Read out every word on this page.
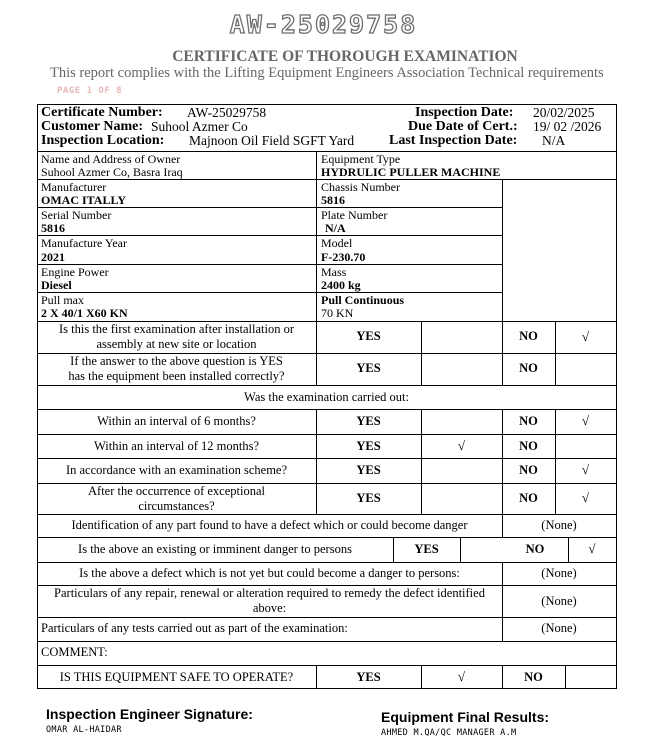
AW-25029758
CERTIFICATE OF THOROUGH EXAMINATION
This report complies with the Lifting Equipment Engineers Association Technical requirements
PAGE 1 OF 8
Certificate Number: AW-25029758
Customer Name: Suhool Azmer Co
Inspection Location: Majnoon Oil Field SGFT Yard
Inspection Date: 20/02/2025
Due Date of Cert.: 19/ 02 /2026
Last Inspection Date: N/A
Name and Address of Owner
Suhool Azmer Co, Basra Iraq
Equipment Type
HYDRULIC PULLER MACHINE
Manufacturer
OMAC ITALLY
Chassis Number
5816
Serial Number
5816
Plate Number
N/A
Manufacture Year
2021
Model
F-230.70
Engine Power
Diesel
Mass
2400 kg
Pull max
2 X 40/1 X60 KN
Pull Continuous
70 KN
Is this the first examination after installation or
assembly at new site or location
YES	NO	√
If the answer to the above question is YES
has the equipment been installed correctly?
YES	NO
Was the examination carried out:
Within an interval of 6 months?	YES	NO	√
Within an interval of 12 months?	YES	√	NO
In accordance with an examination scheme?	YES	NO	√
After the occurrence of exceptional
circumstances?
YES	NO	√
Identification of any part found to have a defect which or could become danger	(None)
Is the above an existing or imminent danger to persons	YES	NO	√
Is the above a defect which is not yet but could become a danger to persons:	(None)
Particulars of any repair, renewal or alteration required to remedy the defect identified
above:	(None)
Particulars of any tests carried out as part of the examination:	(None)
COMMENT:
IS THIS EQUIPMENT SAFE TO OPERATE?	YES	√	NO
Inspection Engineer Signature:
OMAR AL-HAIDAR
Equipment Final Results:
AHMED M.QA/QC MANAGER A.M
